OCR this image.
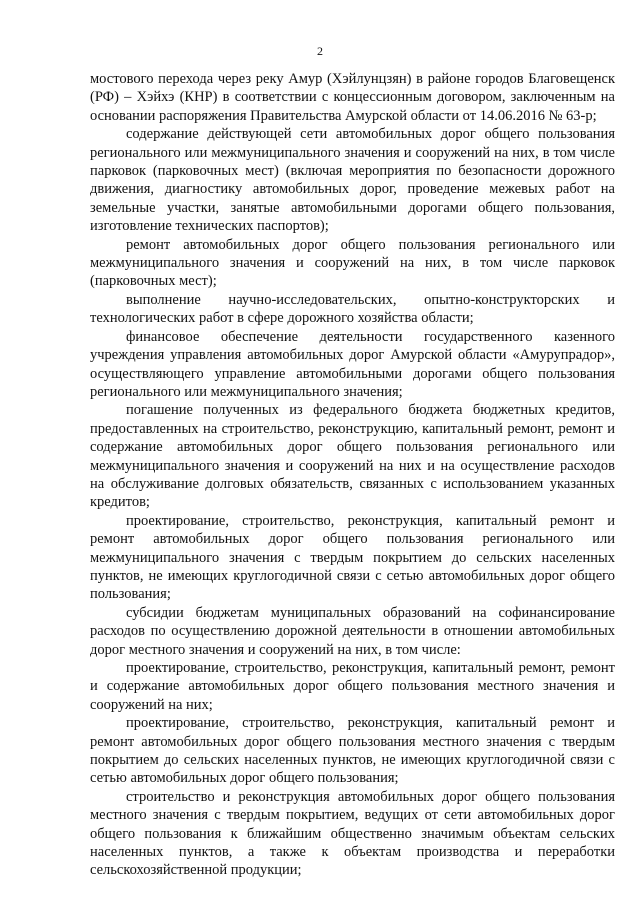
2

мостового перехода через реку Амур (Хэйлунцзян) в районе городов Благовещенск (РФ) – Хэйхэ (КНР) в соответствии с концессионным договором, заключенным на основании распоряжения Правительства Амурской области от 14.06.2016 № 63-р;

содержание действующей сети автомобильных дорог общего пользования регионального или межмуниципального значения и сооружений на них, в том числе парковок (парковочных мест) (включая мероприятия по безопасности дорожного движения, диагностику автомобильных дорог, проведение межевых работ на земельные участки, занятые автомобильными дорогами общего пользования, изготовление технических паспортов);

ремонт автомобильных дорог общего пользования регионального или межмуниципального значения и сооружений на них, в том числе парковок (парковочных мест);

выполнение научно-исследовательских, опытно-конструкторских и технологических работ в сфере дорожного хозяйства области;

финансовое обеспечение деятельности государственного казенного учреждения управления автомобильных дорог Амурской области «Амурупрадор», осуществляющего управление автомобильными дорогами общего пользования регионального или межмуниципального значения;

погашение полученных из федерального бюджета бюджетных кредитов, предоставленных на строительство, реконструкцию, капитальный ремонт, ремонт и содержание автомобильных дорог общего пользования регионального или межмуниципального значения и сооружений на них и на осуществление расходов на обслуживание долговых обязательств, связанных с использованием указанных кредитов;

проектирование, строительство, реконструкция, капитальный ремонт и ремонт автомобильных дорог общего пользования регионального или межмуниципального значения с твердым покрытием до сельских населенных пунктов, не имеющих круглогодичной связи с сетью автомобильных дорог общего пользования;

субсидии бюджетам муниципальных образований на софинансирование расходов по осуществлению дорожной деятельности в отношении автомобильных дорог местного значения и сооружений на них, в том числе:

проектирование, строительство, реконструкция, капитальный ремонт, ремонт и содержание автомобильных дорог общего пользования местного значения и сооружений на них;

проектирование, строительство, реконструкция, капитальный ремонт и ремонт автомобильных дорог общего пользования местного значения с твердым покрытием до сельских населенных пунктов, не имеющих круглогодичной связи с сетью автомобильных дорог общего пользования;

строительство и реконструкция автомобильных дорог общего пользования местного значения с твердым покрытием, ведущих от сети автомобильных дорог общего пользования к ближайшим общественно значимым объектам сельских населенных пунктов, а также к объектам производства и переработки сельскохозяйственной продукции;
